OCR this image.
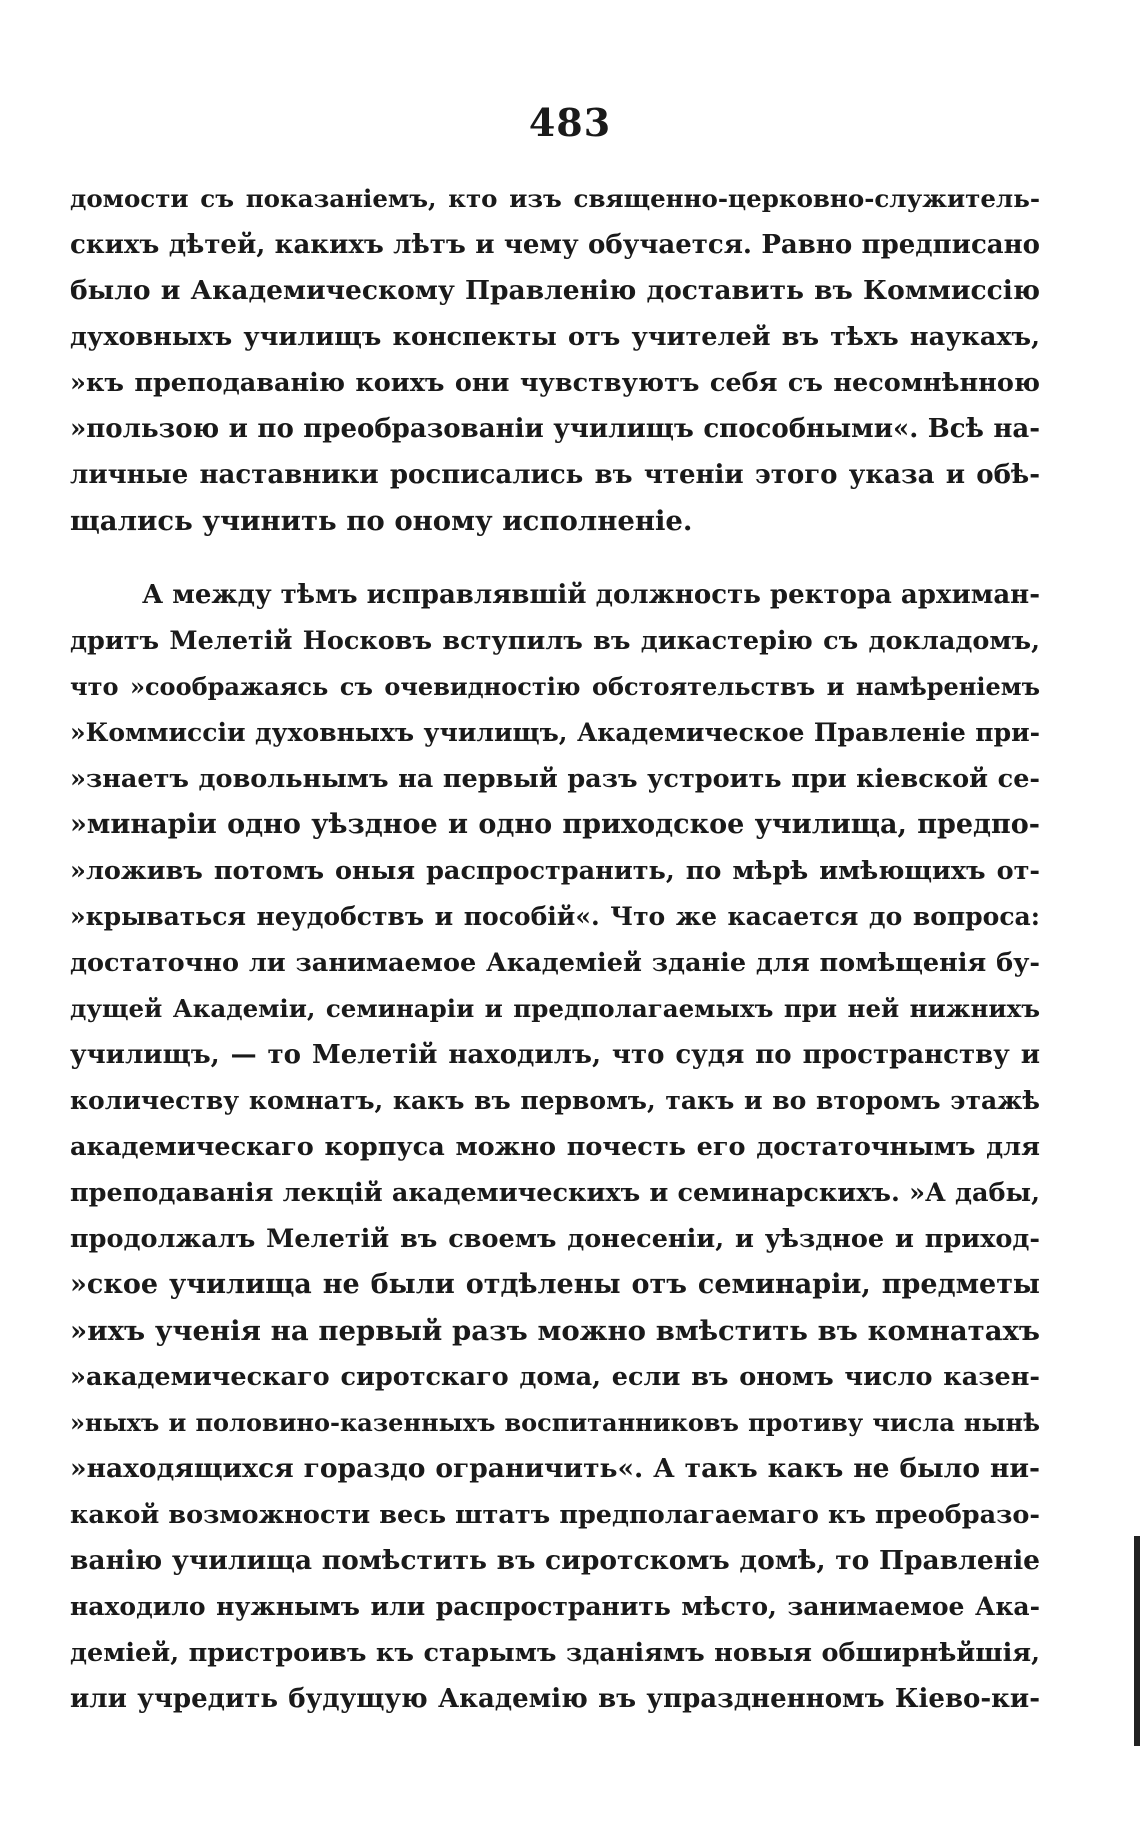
483
домости съ показаніемъ, кто изъ священно-церковно-служитель-
скихъ дѣтей, какихъ лѣтъ и чему обучается. Равно предписано
было и Академическому Правленію доставить въ Коммиссію
духовныхъ училищъ конспекты отъ учителей въ тѣхъ наукахъ,
»къ преподаванію коихъ они чувствуютъ себя съ несомнѣнною
»пользою и по преобразованіи училищъ способными«. Всѣ на-
личные наставники росписались въ чтеніи этого указа и обѣ-
щались учинить по оному исполненіе.
А между тѣмъ исправлявшій должность ректора архиман-
дритъ Мелетій Носковъ вступилъ въ дикастерію съ докладомъ,
что »соображаясь съ очевидностію обстоятельствъ и намѣреніемъ
»Коммиссіи духовныхъ училищъ, Академическое Правленіе при-
»знаетъ довольнымъ на первый разъ устроить при кіевской се-
»минаріи одно уѣздное и одно приходское училища, предпо-
»ложивъ потомъ оныя распространить, по мѣрѣ имѣющихъ от-
»крываться неудобствъ и пособій«. Что же касается до вопроса:
достаточно ли занимаемое Академіей зданіе для помѣщенія бу-
дущей Академіи, семинаріи и предполагаемыхъ при ней нижнихъ
училищъ, — то Мелетій находилъ, что судя по пространству и
количеству комнатъ, какъ въ первомъ, такъ и во второмъ этажѣ
академическаго корпуса можно почесть его достаточнымъ для
преподаванія лекцій академическихъ и семинарскихъ. »А дабы,
продолжалъ Мелетій въ своемъ донесеніи, и уѣздное и приход-
»ское училища не были отдѣлены отъ семинаріи, предметы
»ихъ ученія на первый разъ можно вмѣстить въ комнатахъ
»академическаго сиротскаго дома, если въ ономъ число казен-
»ныхъ и половино-казенныхъ воспитанниковъ противу числа нынѣ
»находящихся гораздо ограничить«. А такъ какъ не было ни-
какой возможности весь штатъ предполагаемаго къ преобразо-
ванію училища помѣстить въ сиротскомъ домѣ, то Правленіе
находило нужнымъ или распространить мѣсто, занимаемое Ака-
деміей, пристроивъ къ старымъ зданіямъ новыя обширнѣйшія,
или учредить будущую Академію въ упраздненномъ Кіево-ки-
